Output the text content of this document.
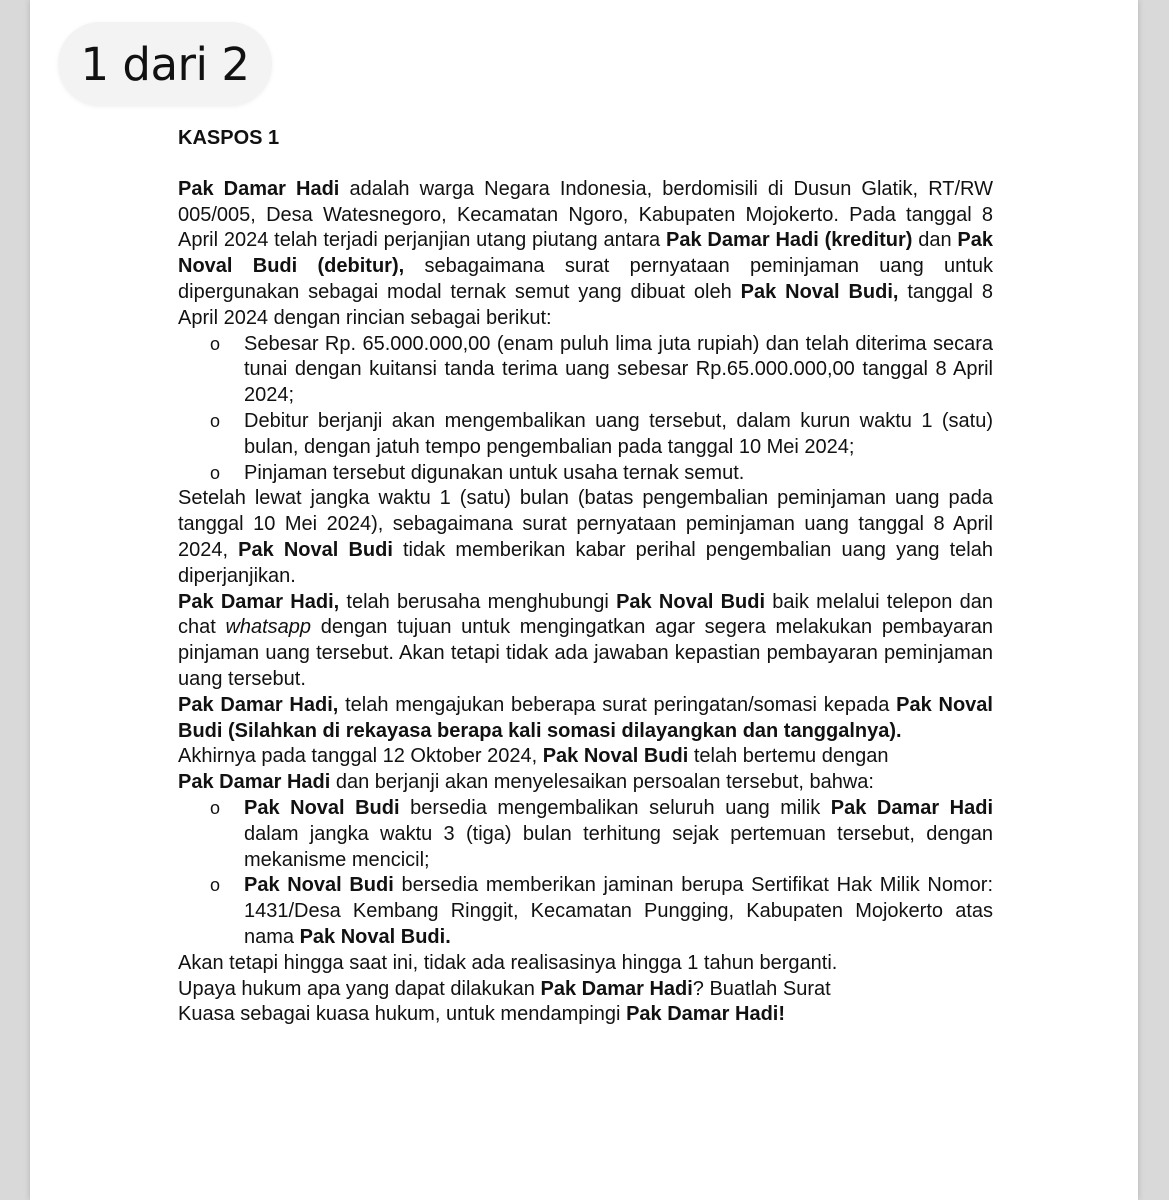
1 dari 2
KASPOS 1

Pak Damar Hadi adalah warga Negara Indonesia, berdomisili di Dusun Glatik, RT/RW 005/005, Desa Watesnegoro, Kecamatan Ngoro, Kabupaten Mojokerto. Pada tanggal 8 April 2024 telah terjadi perjanjian utang piutang antara Pak Damar Hadi (kreditur) dan Pak Noval Budi (debitur), sebagaimana surat pernyataan peminjaman uang untuk dipergunakan sebagai modal ternak semut yang dibuat oleh Pak Noval Budi, tanggal 8 April 2024 dengan rincian sebagai berikut:

o Sebesar Rp. 65.000.000,00 (enam puluh lima juta rupiah) dan telah diterima secara tunai dengan kuitansi tanda terima uang sebesar Rp.65.000.000,00 tanggal 8 April 2024;
o Debitur berjanji akan mengembalikan uang tersebut, dalam kurun waktu 1 (satu) bulan, dengan jatuh tempo pengembalian pada tanggal 10 Mei 2024;
o Pinjaman tersebut digunakan untuk usaha ternak semut.

Setelah lewat jangka waktu 1 (satu) bulan (batas pengembalian peminjaman uang pada tanggal 10 Mei 2024), sebagaimana surat pernyataan peminjaman uang tanggal 8 April 2024, Pak Noval Budi tidak memberikan kabar perihal pengembalian uang yang telah diperjanjikan.

Pak Damar Hadi, telah berusaha menghubungi Pak Noval Budi baik melalui telepon dan chat whatsapp dengan tujuan untuk mengingatkan agar segera melakukan pembayaran pinjaman uang tersebut. Akan tetapi tidak ada jawaban kepastian pembayaran peminjaman uang tersebut.

Pak Damar Hadi, telah mengajukan beberapa surat peringatan/somasi kepada Pak Noval Budi (Silahkan di rekayasa berapa kali somasi dilayangkan dan tanggalnya).

Akhirnya pada tanggal 12 Oktober 2024, Pak Noval Budi telah bertemu dengan
Pak Damar Hadi dan berjanji akan menyelesaikan persoalan tersebut, bahwa:

o Pak Noval Budi bersedia mengembalikan seluruh uang milik Pak Damar Hadi dalam jangka waktu 3 (tiga) bulan terhitung sejak pertemuan tersebut, dengan mekanisme mencicil;
o Pak Noval Budi bersedia memberikan jaminan berupa Sertifikat Hak Milik Nomor: 1431/Desa Kembang Ringgit, Kecamatan Pungging, Kabupaten Mojokerto atas nama Pak Noval Budi.

Akan tetapi hingga saat ini, tidak ada realisasinya hingga 1 tahun berganti.
Upaya hukum apa yang dapat dilakukan Pak Damar Hadi? Buatlah Surat
Kuasa sebagai kuasa hukum, untuk mendampingi Pak Damar Hadi!
